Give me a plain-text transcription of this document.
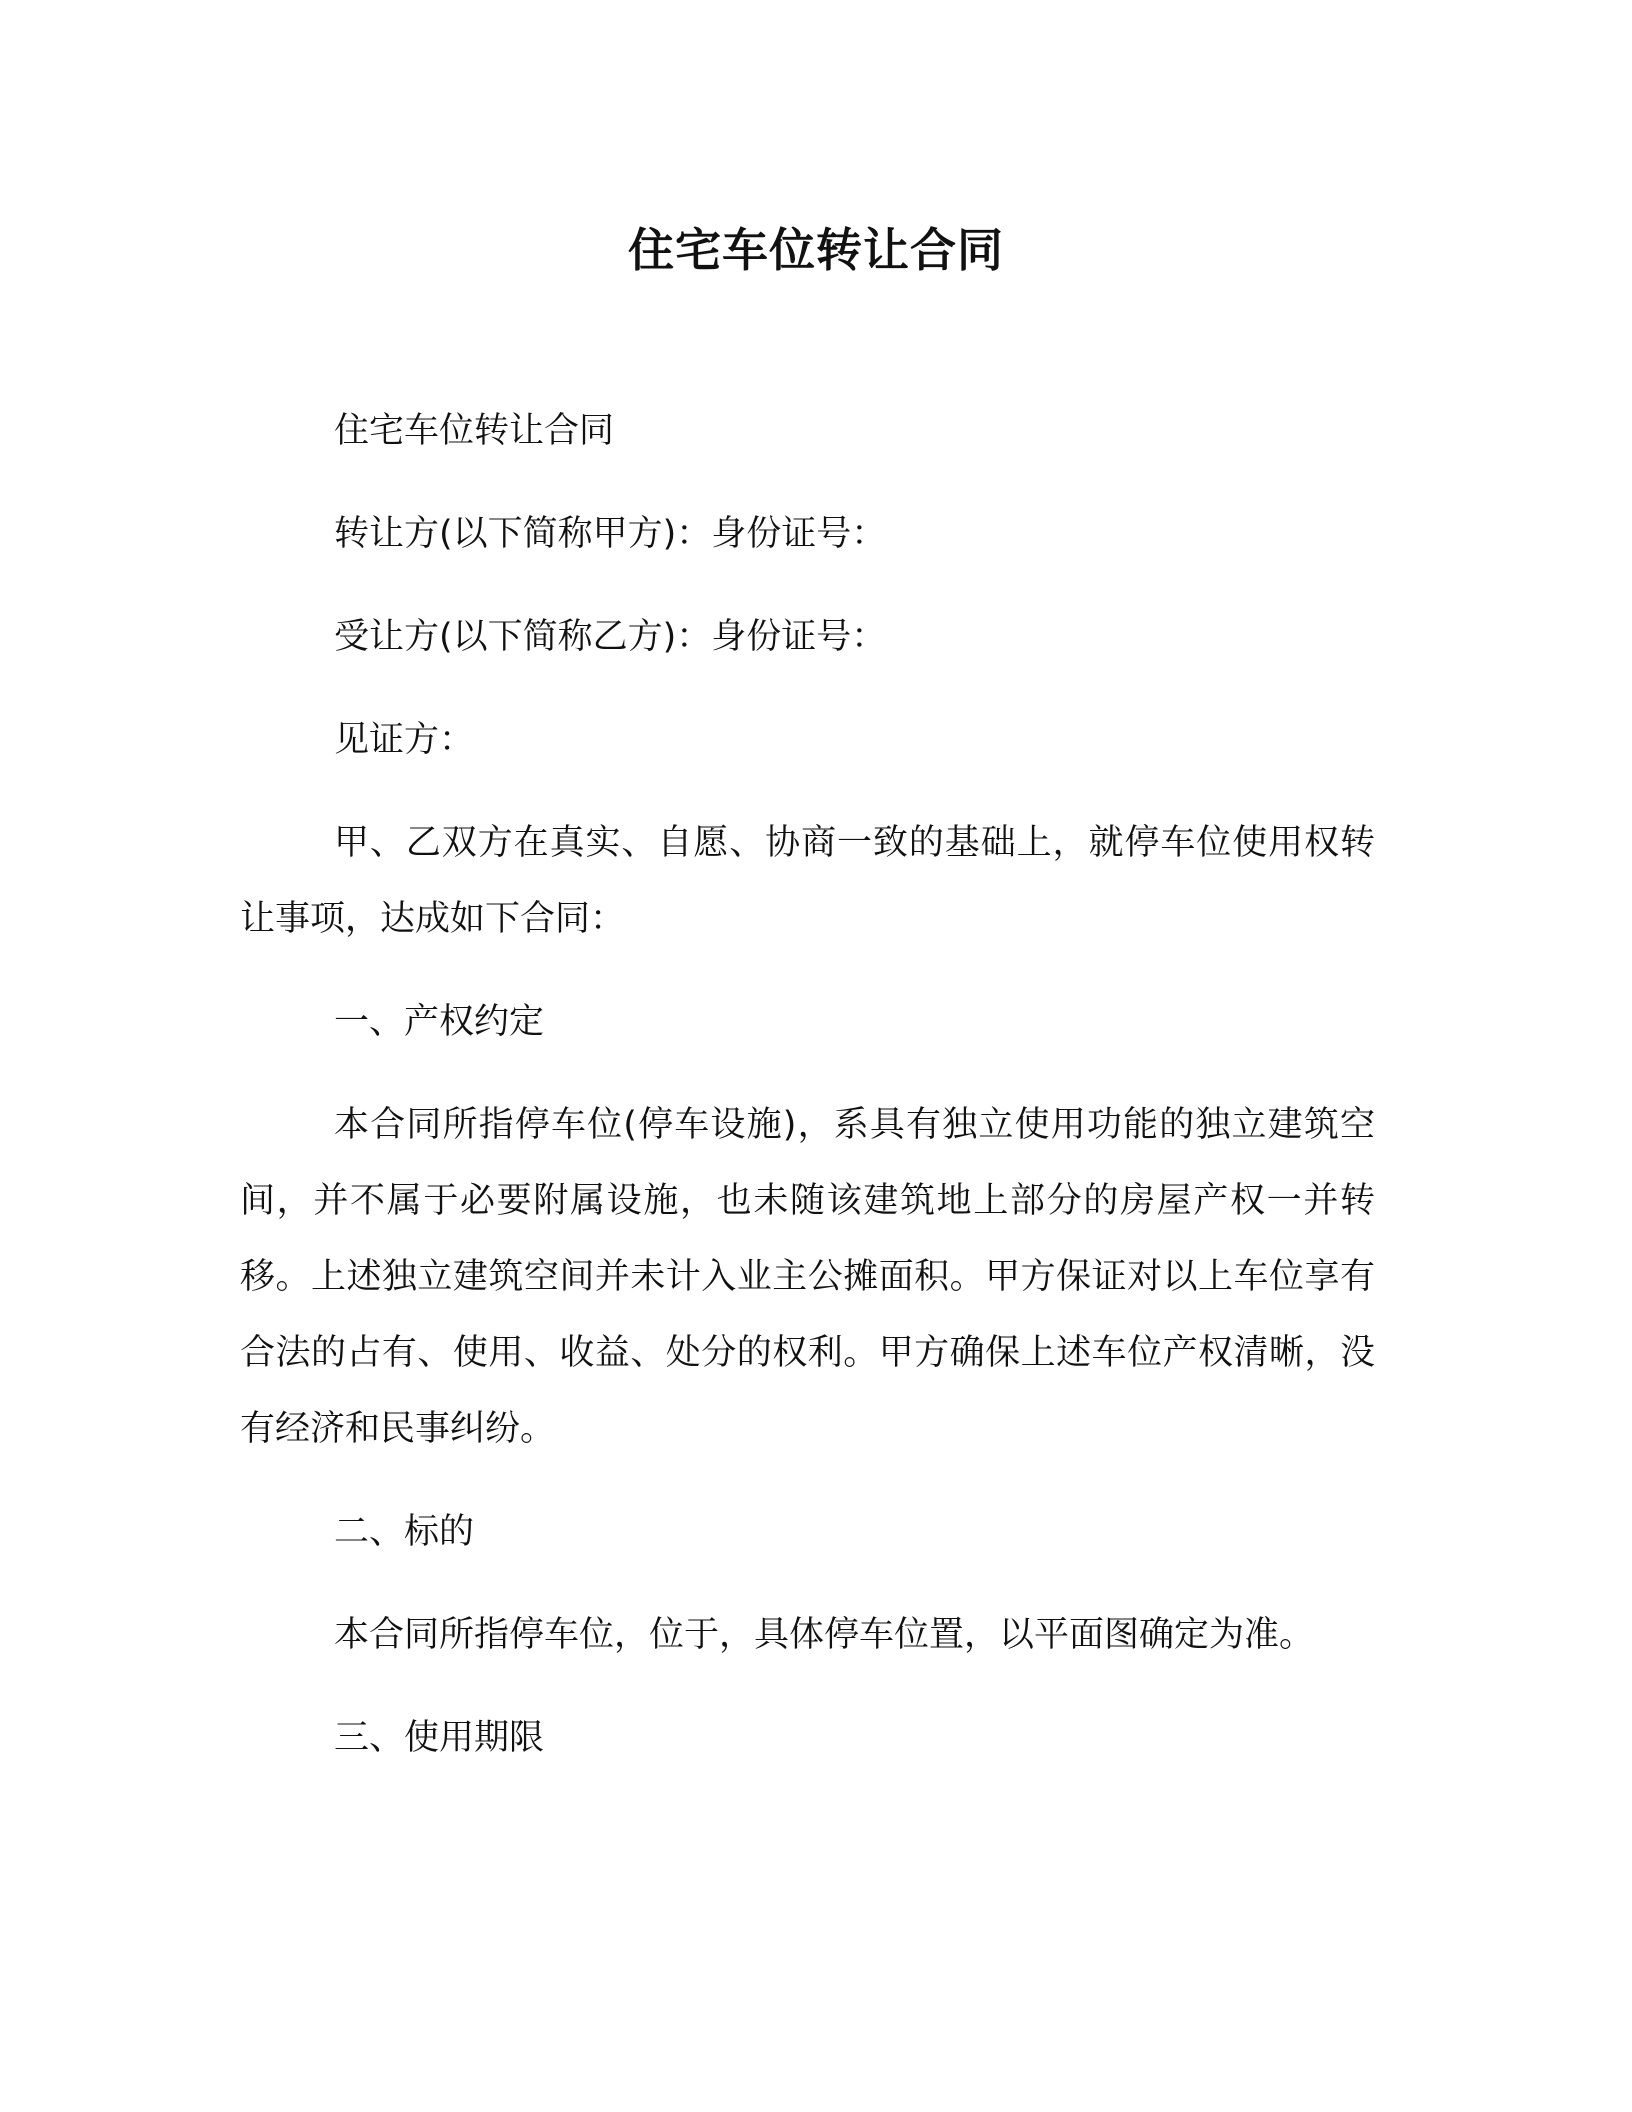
住宅车位转让合同

住宅车位转让合同

转让方(以下简称甲方)：身份证号：

受让方(以下简称乙方)：身份证号：

见证方：

甲、乙双方在真实、自愿、协商一致的基础上，就停车位使用权转让事项，达成如下合同：

一、产权约定

本合同所指停车位(停车设施)，系具有独立使用功能的独立建筑空间，并不属于必要附属设施，也未随该建筑地上部分的房屋产权一并转移。上述独立建筑空间并未计入业主公摊面积。甲方保证对以上车位享有合法的占有、使用、收益、处分的权利。甲方确保上述车位产权清晰，没有经济和民事纠纷。

二、标的

本合同所指停车位，位于，具体停车位置，以平面图确定为准。

三、使用期限
